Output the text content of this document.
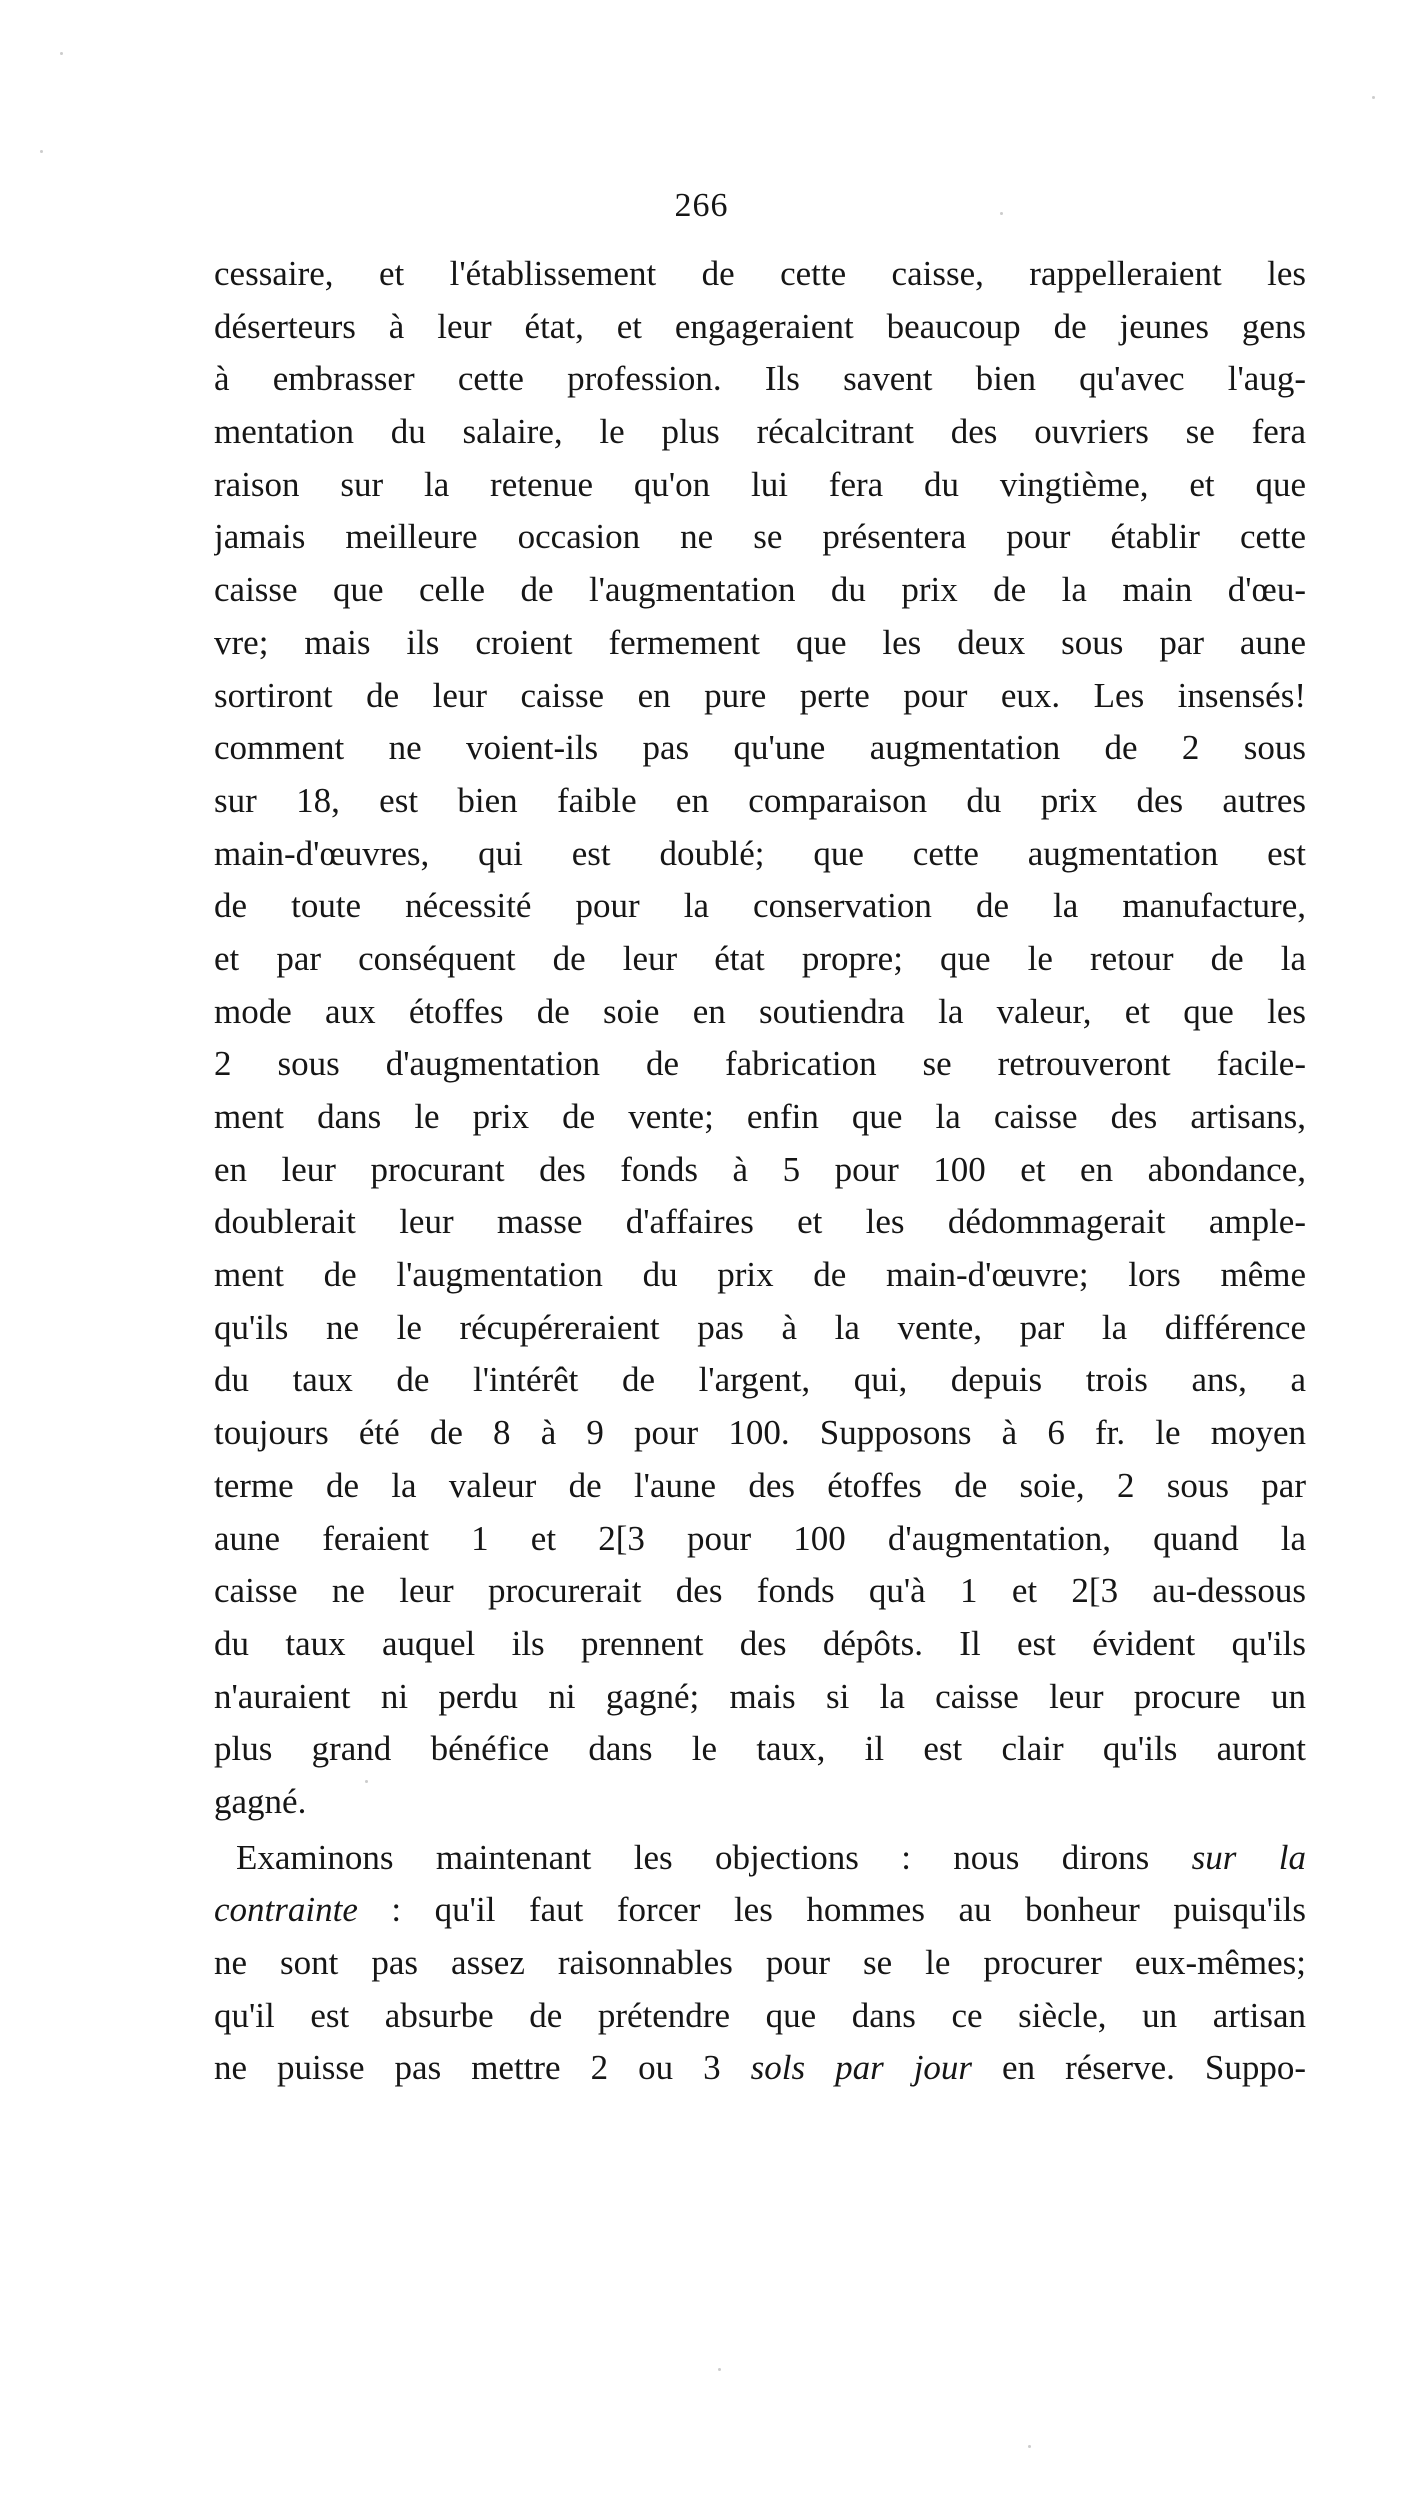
266
cessaire, et l'établissement de cette caisse, rappelleraient les
déserteurs à leur état, et engageraient beaucoup de jeunes gens
à embrasser cette profession. Ils savent bien qu'avec l'aug-
mentation du salaire, le plus récalcitrant des ouvriers se fera
raison sur la retenue qu'on lui fera du vingtième, et que
jamais meilleure occasion ne se présentera pour établir cette
caisse que celle de l'augmentation du prix de la main d'œu-
vre; mais ils croient fermement que les deux sous par aune
sortiront de leur caisse en pure perte pour eux. Les insensés!
comment ne voient-ils pas qu'une augmentation de 2 sous
sur 18, est bien faible en comparaison du prix des autres
main-d'œuvres, qui est doublé; que cette augmentation est
de toute nécessité pour la conservation de la manufacture,
et par conséquent de leur état propre; que le retour de la
mode aux étoffes de soie en soutiendra la valeur, et que les
2 sous d'augmentation de fabrication se retrouveront facile-
ment dans le prix de vente; enfin que la caisse des artisans,
en leur procurant des fonds à 5 pour 100 et en abondance,
doublerait leur masse d'affaires et les dédommagerait ample-
ment de l'augmentation du prix de main-d'œuvre; lors même
qu'ils ne le récupéreraient pas à la vente, par la différence
du taux de l'intérêt de l'argent, qui, depuis trois ans, a
toujours été de 8 à 9 pour 100. Supposons à 6 fr. le moyen
terme de la valeur de l'aune des étoffes de soie, 2 sous par
aune feraient 1 et 2[3 pour 100 d'augmentation, quand la
caisse ne leur procurerait des fonds qu'à 1 et 2[3 au-dessous
du taux auquel ils prennent des dépôts. Il est évident qu'ils
n'auraient ni perdu ni gagné; mais si la caisse leur procure un
plus grand bénéfice dans le taux, il est clair qu'ils auront
gagné.
Examinons maintenant les objections : nous dirons sur la
contrainte : qu'il faut forcer les hommes au bonheur puisqu'ils
ne sont pas assez raisonnables pour se le procurer eux-mêmes;
qu'il est absurbe de prétendre que dans ce siècle, un artisan
ne puisse pas mettre 2 ou 3 sols par jour en réserve. Suppo-
